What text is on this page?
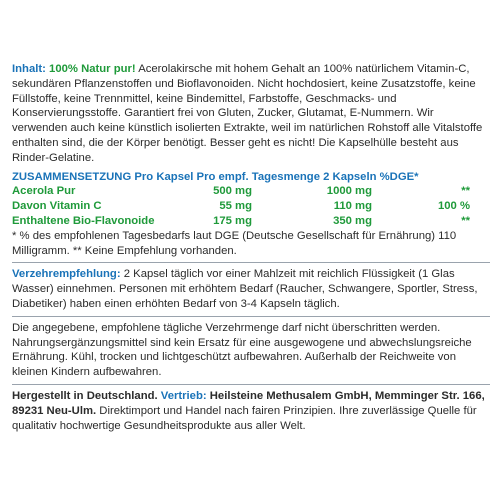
Inhalt: 100% Natur pur! Acerolakirsche mit hohem Gehalt an 100% natürlichem Vitamin-C, sekundären Pflanzenstoffen und Bioflavonoiden. Nicht hochdosiert, keine Zusatzstoffe, keine Füllstoffe, keine Trennmittel, keine Bindemittel, Farbstoffe, Geschmacks- und Konservierungsstoffe. Garantiert frei von Gluten, Zucker, Glutamat, E-Nummern. Wir verwenden auch keine künstlich isolierten Extrakte, weil im natürlichen Rohstoff alle Vitalstoffe enthalten sind, die der Körper benötigt. Besser geht es nicht! Die Kapselhülle besteht aus Rinder-Gelatine.

ZUSAMMENSETZUNG Pro Kapsel Pro empf. Tagesmenge 2 Kapseln %DGE*
Acerola Pur	500 mg	1000 mg	**
Davon Vitamin C	55 mg	110 mg	100 %
Enthaltene Bio-Flavonoide	175 mg	350 mg	**

* % des empfohlenen Tagesbedarfs laut DGE (Deutsche Gesellschaft für Ernährung) 110 Milligramm. ** Keine Empfehlung vorhanden.

Verzehrempfehlung: 2 Kapsel täglich vor einer Mahlzeit mit reichlich Flüssigkeit (1 Glas Wasser) einnehmen. Personen mit erhöhtem Bedarf (Raucher, Schwangere, Sportler, Stress, Diabetiker) haben einen erhöhten Bedarf von 3-4 Kapseln täglich.

Die angegebene, empfohlene tägliche Verzehrmenge darf nicht überschritten werden. Nahrungsergänzungsmittel sind kein Ersatz für eine ausgewogene und abwechslungsreiche Ernährung. Kühl, trocken und lichtgeschützt aufbewahren. Außerhalb der Reichweite von kleinen Kindern aufbewahren.

Hergestellt in Deutschland. Vertrieb: Heilsteine Methusalem GmbH, Memminger Str. 166, 89231 Neu-Ulm. Direktimport und Handel nach fairen Prinzipien. Ihre zuverlässige Quelle für qualitativ hochwertige Gesundheitsprodukte aus aller Welt.
